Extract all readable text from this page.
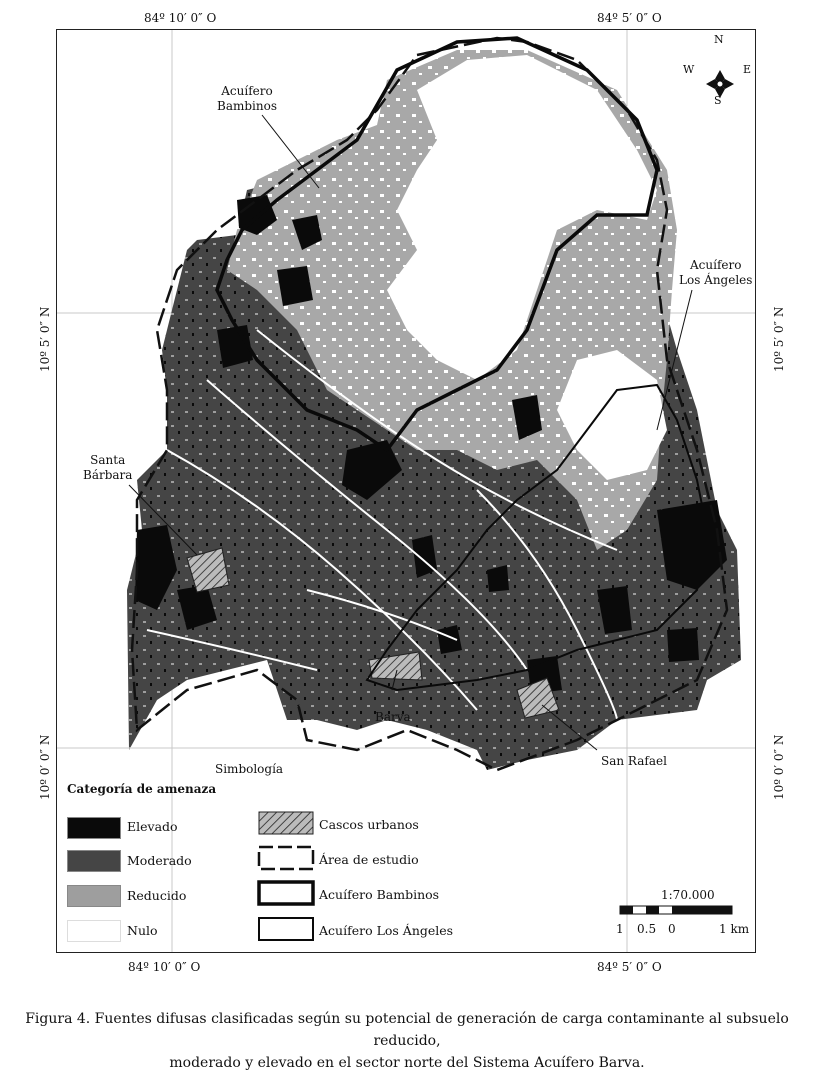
84º 10′ 0″ O	84º 5′ 0″ O
84º 10′ 0″ O	84º 5′ 0″ O
10º 5′ 0″ N
10º 0′ 0″ N
10º 5′ 0″ N
10º 0′ 0″ N
N
S
E
W
Acuífero
Bambinos
Acuífero
Los Ángeles
Santa
Bárbara
Barva
San Rafael
Simbología
Categoría de amenaza
Elevado
Moderado
Reducido
Nulo
Cascos urbanos
Área de estudio
Acuífero Bambinos
Acuífero Los Ángeles
1:70.000
1 0.5 0	1 km
Figura 4. Fuentes difusas clasificadas según su potencial de generación de carga contaminante al subsuelo reducido,
moderado y elevado en el sector norte del Sistema Acuífero Barva.
